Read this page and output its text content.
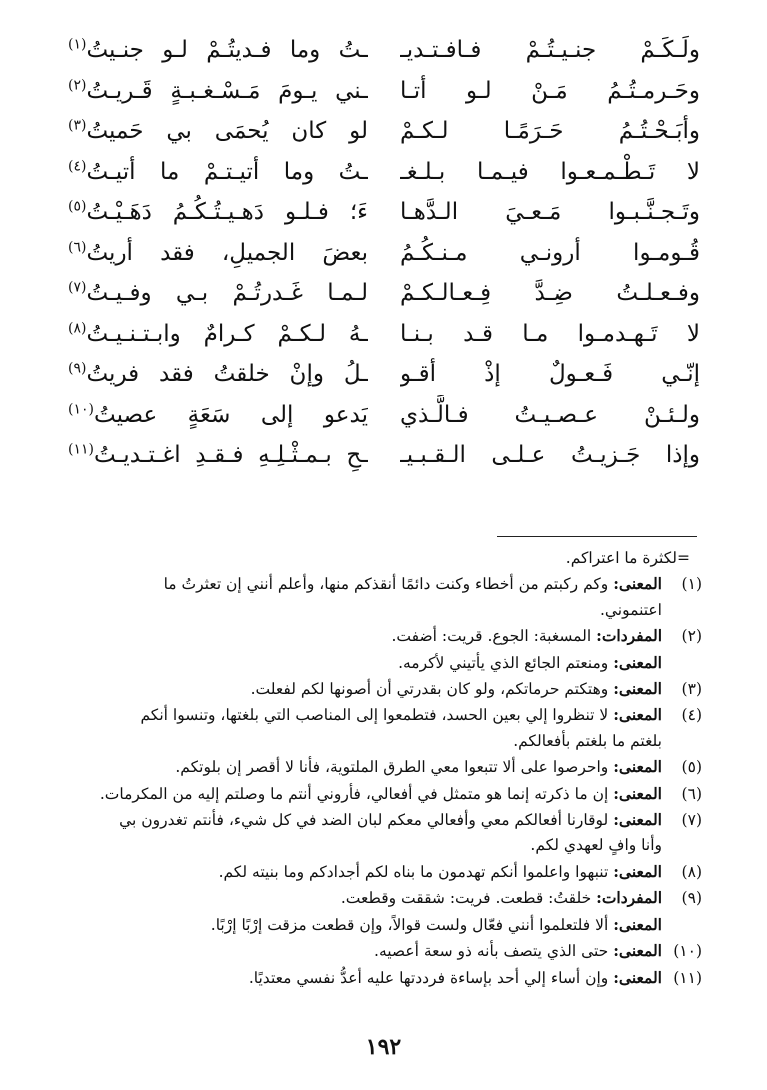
ولَـكَـمْ جنـيـتُـمْ فـافـتـديـ
ـتُ وما فـديتُـمْ لـو جنـيتُ$^{(١)}$
وحَـرمـتُـمُ مَـنْ لـو أتـا
ـني يـومَ مَـسْـغـبـةٍ قَـريـتُ$^{(٢)}$
وأبَـحْـتُـمُ حَـرَمًـا لـكـمْ
لو كان يُحمَى بي حَميتُ$^{(٣)}$
لا تَـطْـمـعـوا فيـمـا بـلـغـ
ـتُ وما أتيـتـمْ ما أتيـتُ$^{(٤)}$
وتَـجـنَّـبـوا مَـعـيَ الـدَّهـا
ءَ؛ فـلـو دَهـيـتُـكُـمُ دَهَـيْـتُ$^{(٥)}$
قُـومـوا أرونـي مـنـكُـمُ
بعضَ الجميلِ، فقد أريتُ$^{(٦)}$
وفـعـلـتُ ضِـدَّ فِـعـالـكـمْ
لـمـا غَـدرتُـمْ بـي وفـيـتُ$^{(٧)}$
لا تَـهـدمـوا مـا قـد بـنـا
ـهُ لـكـمْ كـرامٌ وابـتـنـيـتُ$^{(٨)}$
إنّـي فَـعـولٌ إذْ أقـو
ـلُ وإنْ خلقتُ فقد فريتُ$^{(٩)}$
ولـئـنْ عـصـيـتُ فـالَّـذي
يَدعو إلى سَعَةٍ عصيتُ$^{(١٠)}$
وإذا جَـزيـتُ عـلـى الـقـبـيـ
ـحِ بـمـثْـلِـهِ فـقـدِ اغـتـديـتُ$^{(١١)}$
=لكثرة ما اعتراكم.
(١)المعنى: وكم ركبتم من أخطاء وكنت دائمًا أنقذكم منها، وأعلم أنني إن تعثرتُ ما
اعتنموني.
(٢)المفردات: المسغبة: الجوع. قريت: أضفت.
المعنى: ومنعتم الجائع الذي يأتيني لأكرمه.
(٣)المعنى: وهتكتم حرماتكم، ولو كان بقدرتي أن أصونها لكم لفعلت.
(٤)المعنى: لا تنظروا إلي بعين الحسد، فتطمعوا إلى المناصب التي بلغتها، وتنسوا أنكم
بلغتم ما بلغتم بأفعالكم.
(٥)المعنى: واحرصوا على ألا تتبعوا معي الطرق الملتوية، فأنا لا أقصر إن بلوتكم.
(٦)المعنى: إن ما ذكرته إنما هو متمثل في أفعالي، فأروني أنتم ما وصلتم إليه من المكرمات.
(٧)المعنى: لوقارنا أفعالكم معي وأفعالي معكم لبان الضد في كل شيء، فأنتم تغدرون بي
وأنا وافٍ لعهدي لكم.
(٨)المعنى: تنبهوا واعلموا أنكم تهدمون ما بناه لكم أجدادكم وما بنيته لكم.
(٩)المفردات: خلقتُ: قطعت. فريت: شققت وقطعت.
المعنى: ألا فلتعلموا أنني فعّال ولست قوالاً، وإن قطعت مزقت إرْبًا إرْبًا.
(١٠)المعنى: حتى الذي يتصف بأنه ذو سعة أعصيه.
(١١)المعنى: وإن أساء إلي أحد بإساءة فرددتها عليه أعدُّ نفسي معتديًا.
١٩٢
